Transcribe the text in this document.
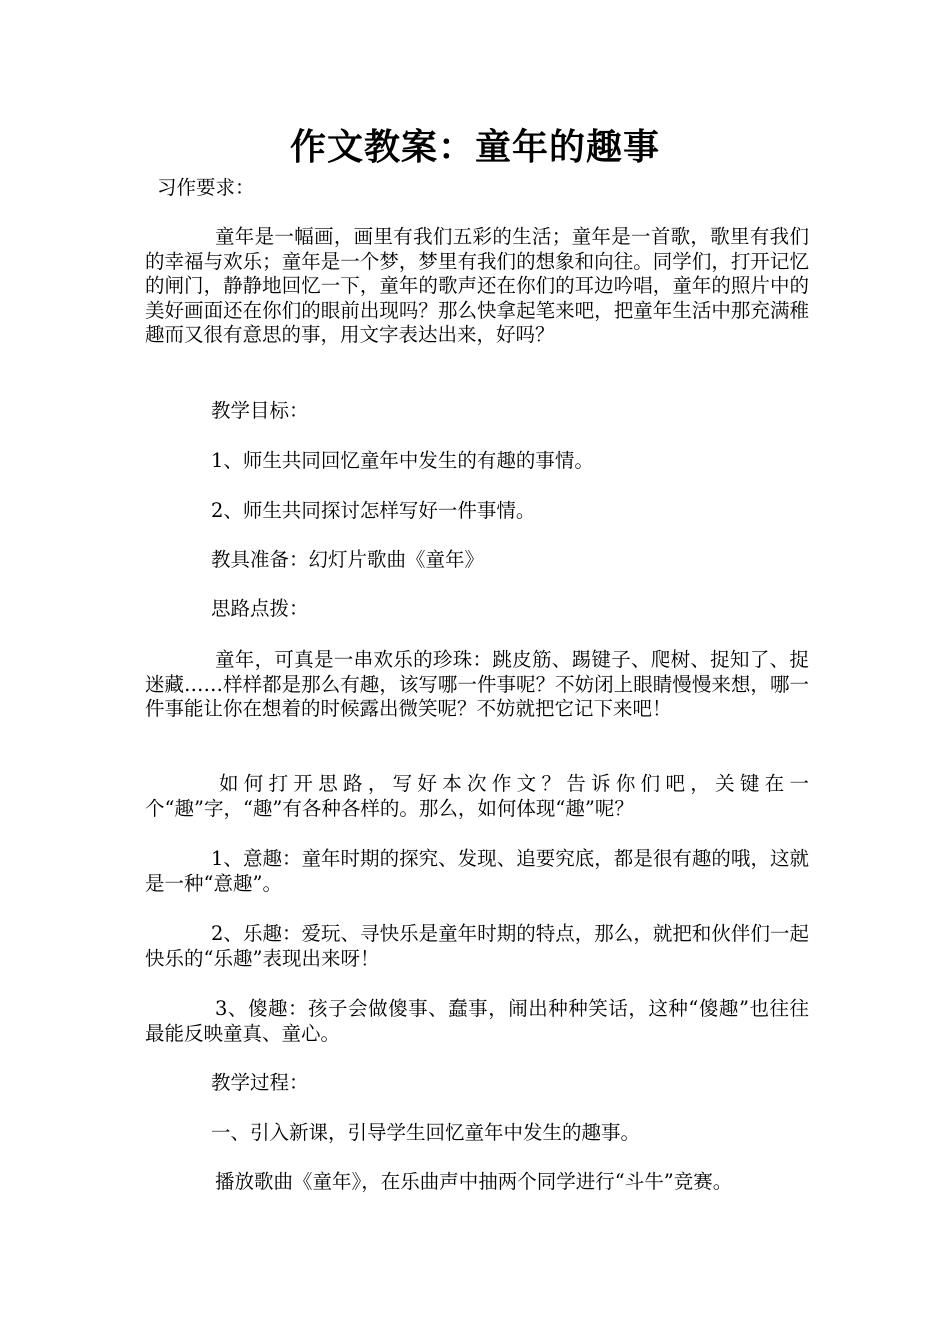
作文教案：童年的趣事

习作要求：

童年是一幅画，画里有我们五彩的生活；童年是一首歌，歌里有我们的幸福与欢乐；童年是一个梦，梦里有我们的想象和向往。同学们，打开记忆的闸门，静静地回忆一下，童年的歌声还在你们的耳边吟唱，童年的照片中的美好画面还在你们的眼前出现吗？那么快拿起笔来吧，把童年生活中那充满稚趣而又很有意思的事，用文字表达出来，好吗？

教学目标：

1、师生共同回忆童年中发生的有趣的事情。

2、师生共同探讨怎样写好一件事情。

教具准备：幻灯片歌曲《童年》

思路点拨：

童年，可真是一串欢乐的珍珠：跳皮筋、踢键子、爬树、捉知了、捉迷藏……样样都是那么有趣，该写哪一件事呢？不妨闭上眼睛慢慢来想，哪一件事能让你在想着的时候露出微笑呢？不妨就把它记下来吧！

如何打开思路，写好本次作文？告诉你们吧，关键在一个“趣”字，“趣”有各种各样的。那么，如何体现“趣”呢？

1、意趣：童年时期的探究、发现、追要究底，都是很有趣的哦，这就是一种“意趣”。

2、乐趣：爱玩、寻快乐是童年时期的特点，那么，就把和伙伴们一起快乐的“乐趣”表现出来呀！

3、傻趣：孩子会做傻事、蠢事，闹出种种笑话，这种“傻趣”也往往最能反映童真、童心。

教学过程：

一、引入新课，引导学生回忆童年中发生的趣事。

播放歌曲《童年》，在乐曲声中抽两个同学进行“斗牛”竞赛。
